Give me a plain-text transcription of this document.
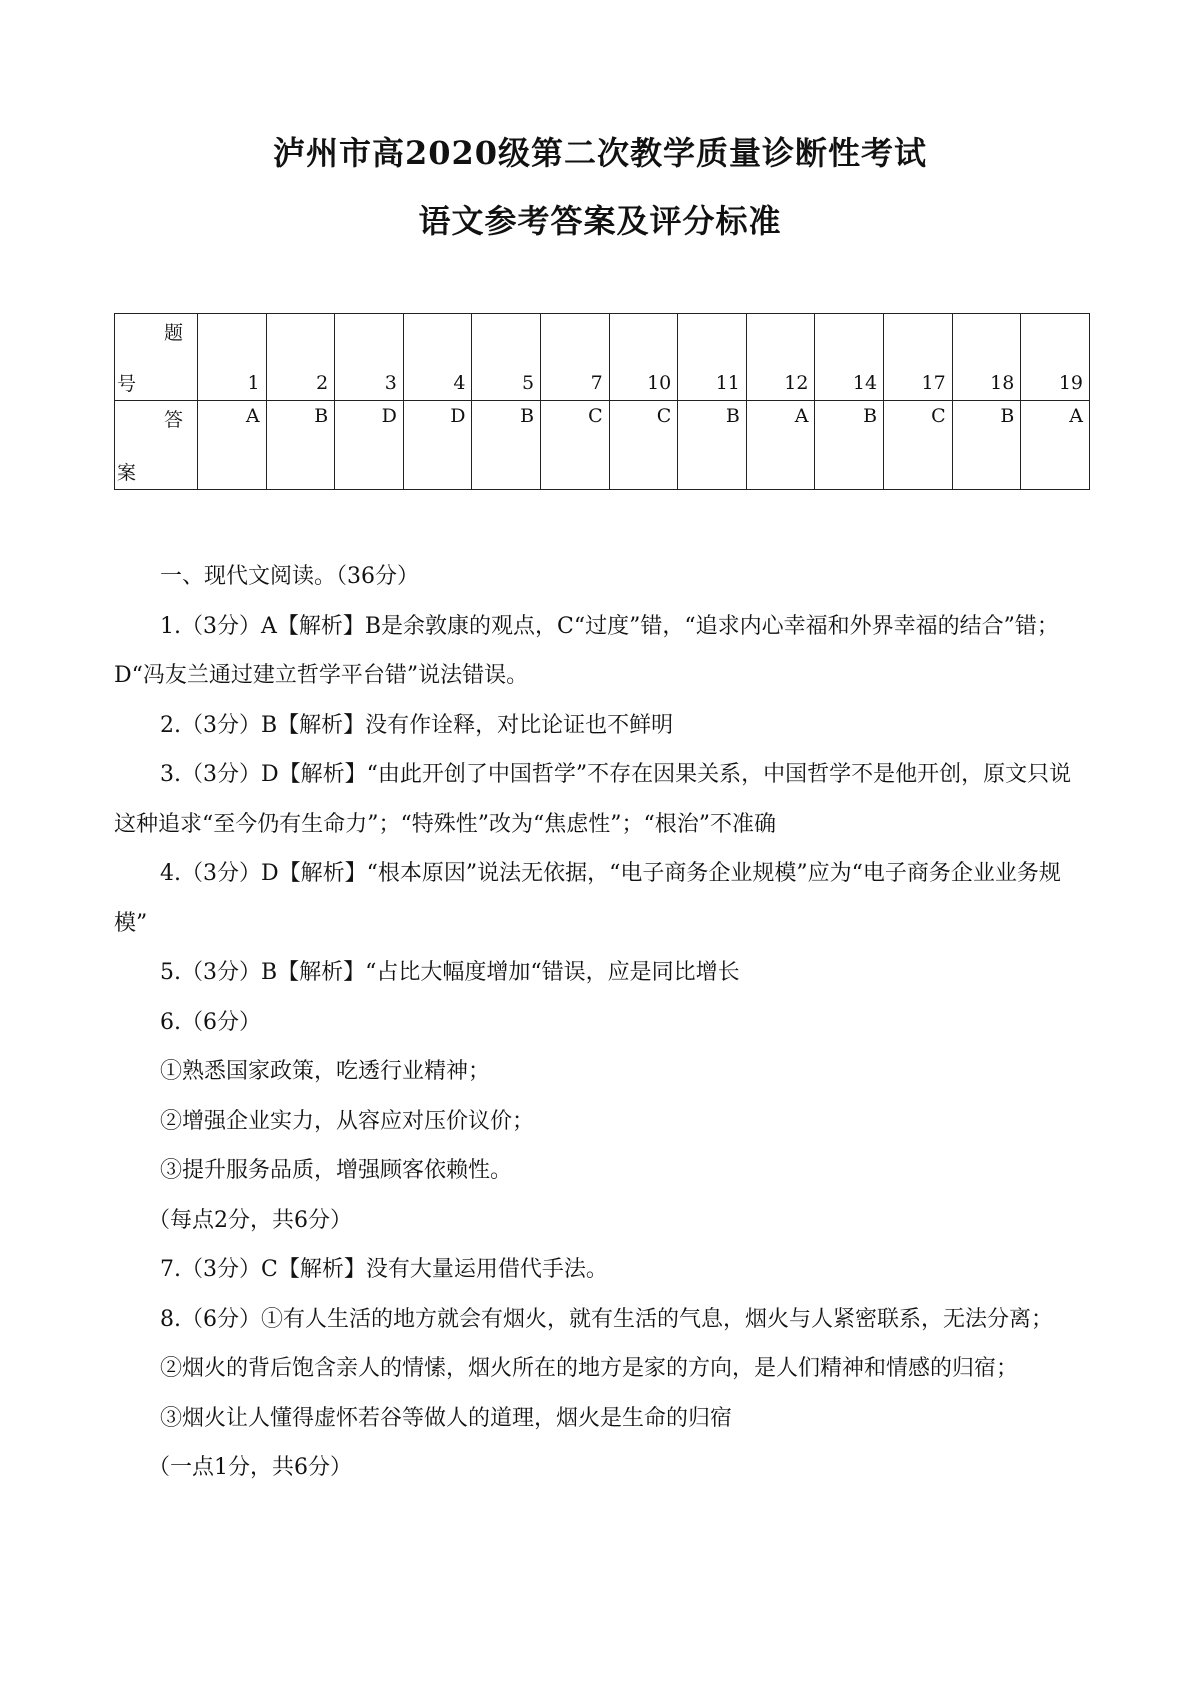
泸州市高2020级第二次教学质量诊断性考试
语文参考答案及评分标准
题
号	1	2	3	4	5	7	10	11	12	14	17	18	19

答
案	A	B	D	D	B	C	C	B	A	B	C	B	A

一、现代文阅读。（36分）

1.（3分）A【解析】B是余敦康的观点，C“过度”错，“追求内心幸福和外界幸福的结合”错；D“冯友兰通过建立哲学平台错”说法错误。

2.（3分）B【解析】没有作诠释，对比论证也不鲜明

3.（3分）D【解析】“由此开创了中国哲学”不存在因果关系，中国哲学不是他开创，原文只说这种追求“至今仍有生命力”；“特殊性”改为“焦虑性”；“根治”不准确

4.（3分）D【解析】“根本原因”说法无依据，“电子商务企业规模”应为“电子商务企业业务规模”

5.（3分）B【解析】“占比大幅度增加“错误，应是同比增长

6.（6分）

①熟悉国家政策，吃透行业精神；

②增强企业实力，从容应对压价议价；

③提升服务品质，增强顾客依赖性。

（每点2分，共6分）

7.（3分）C【解析】没有大量运用借代手法。

8.（6分）①有人生活的地方就会有烟火，就有生活的气息，烟火与人紧密联系，无法分离；

②烟火的背后饱含亲人的情愫，烟火所在的地方是家的方向，是人们精神和情感的归宿；

③烟火让人懂得虚怀若谷等做人的道理，烟火是生命的归宿

（一点1分，共6分）
